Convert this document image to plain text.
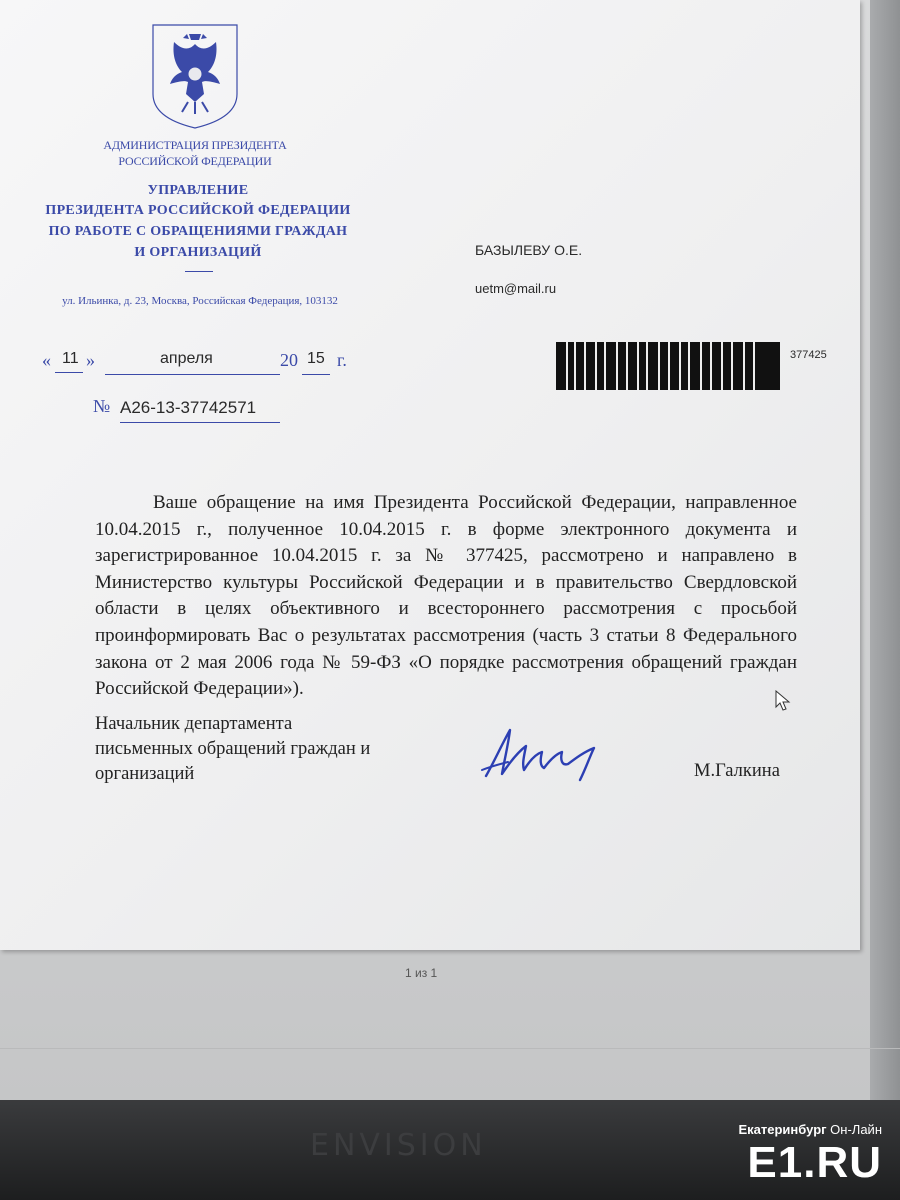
АДМИНИСТРАЦИЯ ПРЕЗИДЕНТА
РОССИЙСКОЙ ФЕДЕРАЦИИ
УПРАВЛЕНИЕ
ПРЕЗИДЕНТА РОССИЙСКОЙ ФЕДЕРАЦИИ
ПО РАБОТЕ С ОБРАЩЕНИЯМИ ГРАЖДАН
И ОРГАНИЗАЦИЙ
ул. Ильинка, д. 23, Москва, Российская Федерация, 103132
БАЗЫЛЕВУ О.Е.
uetm@mail.ru
« 11 »	апреля	20 15 г.
№ А26-13-37742571
377425

Ваше обращение на имя Президента Российской Федерации, направленное 10.04.2015 г., полученное 10.04.2015 г. в форме электронного документа и зарегистрированное 10.04.2015 г. за № 377425, рассмотрено и направлено в Министерство культуры Российской Федерации и в правительство Свердловской области в целях объективного и всестороннего рассмотрения с просьбой проинформировать Вас о результатах рассмотрения (часть 3 статьи 8 Федерального закона от 2 мая 2006 года № 59-ФЗ «О порядке рассмотрения обращений граждан Российской Федерации»).

Начальник департамента
письменных обращений граждан и
организаций	М.Галкина
1 из 1
ENVISION	Екатеринбург Он-Лайн
E1.RU
